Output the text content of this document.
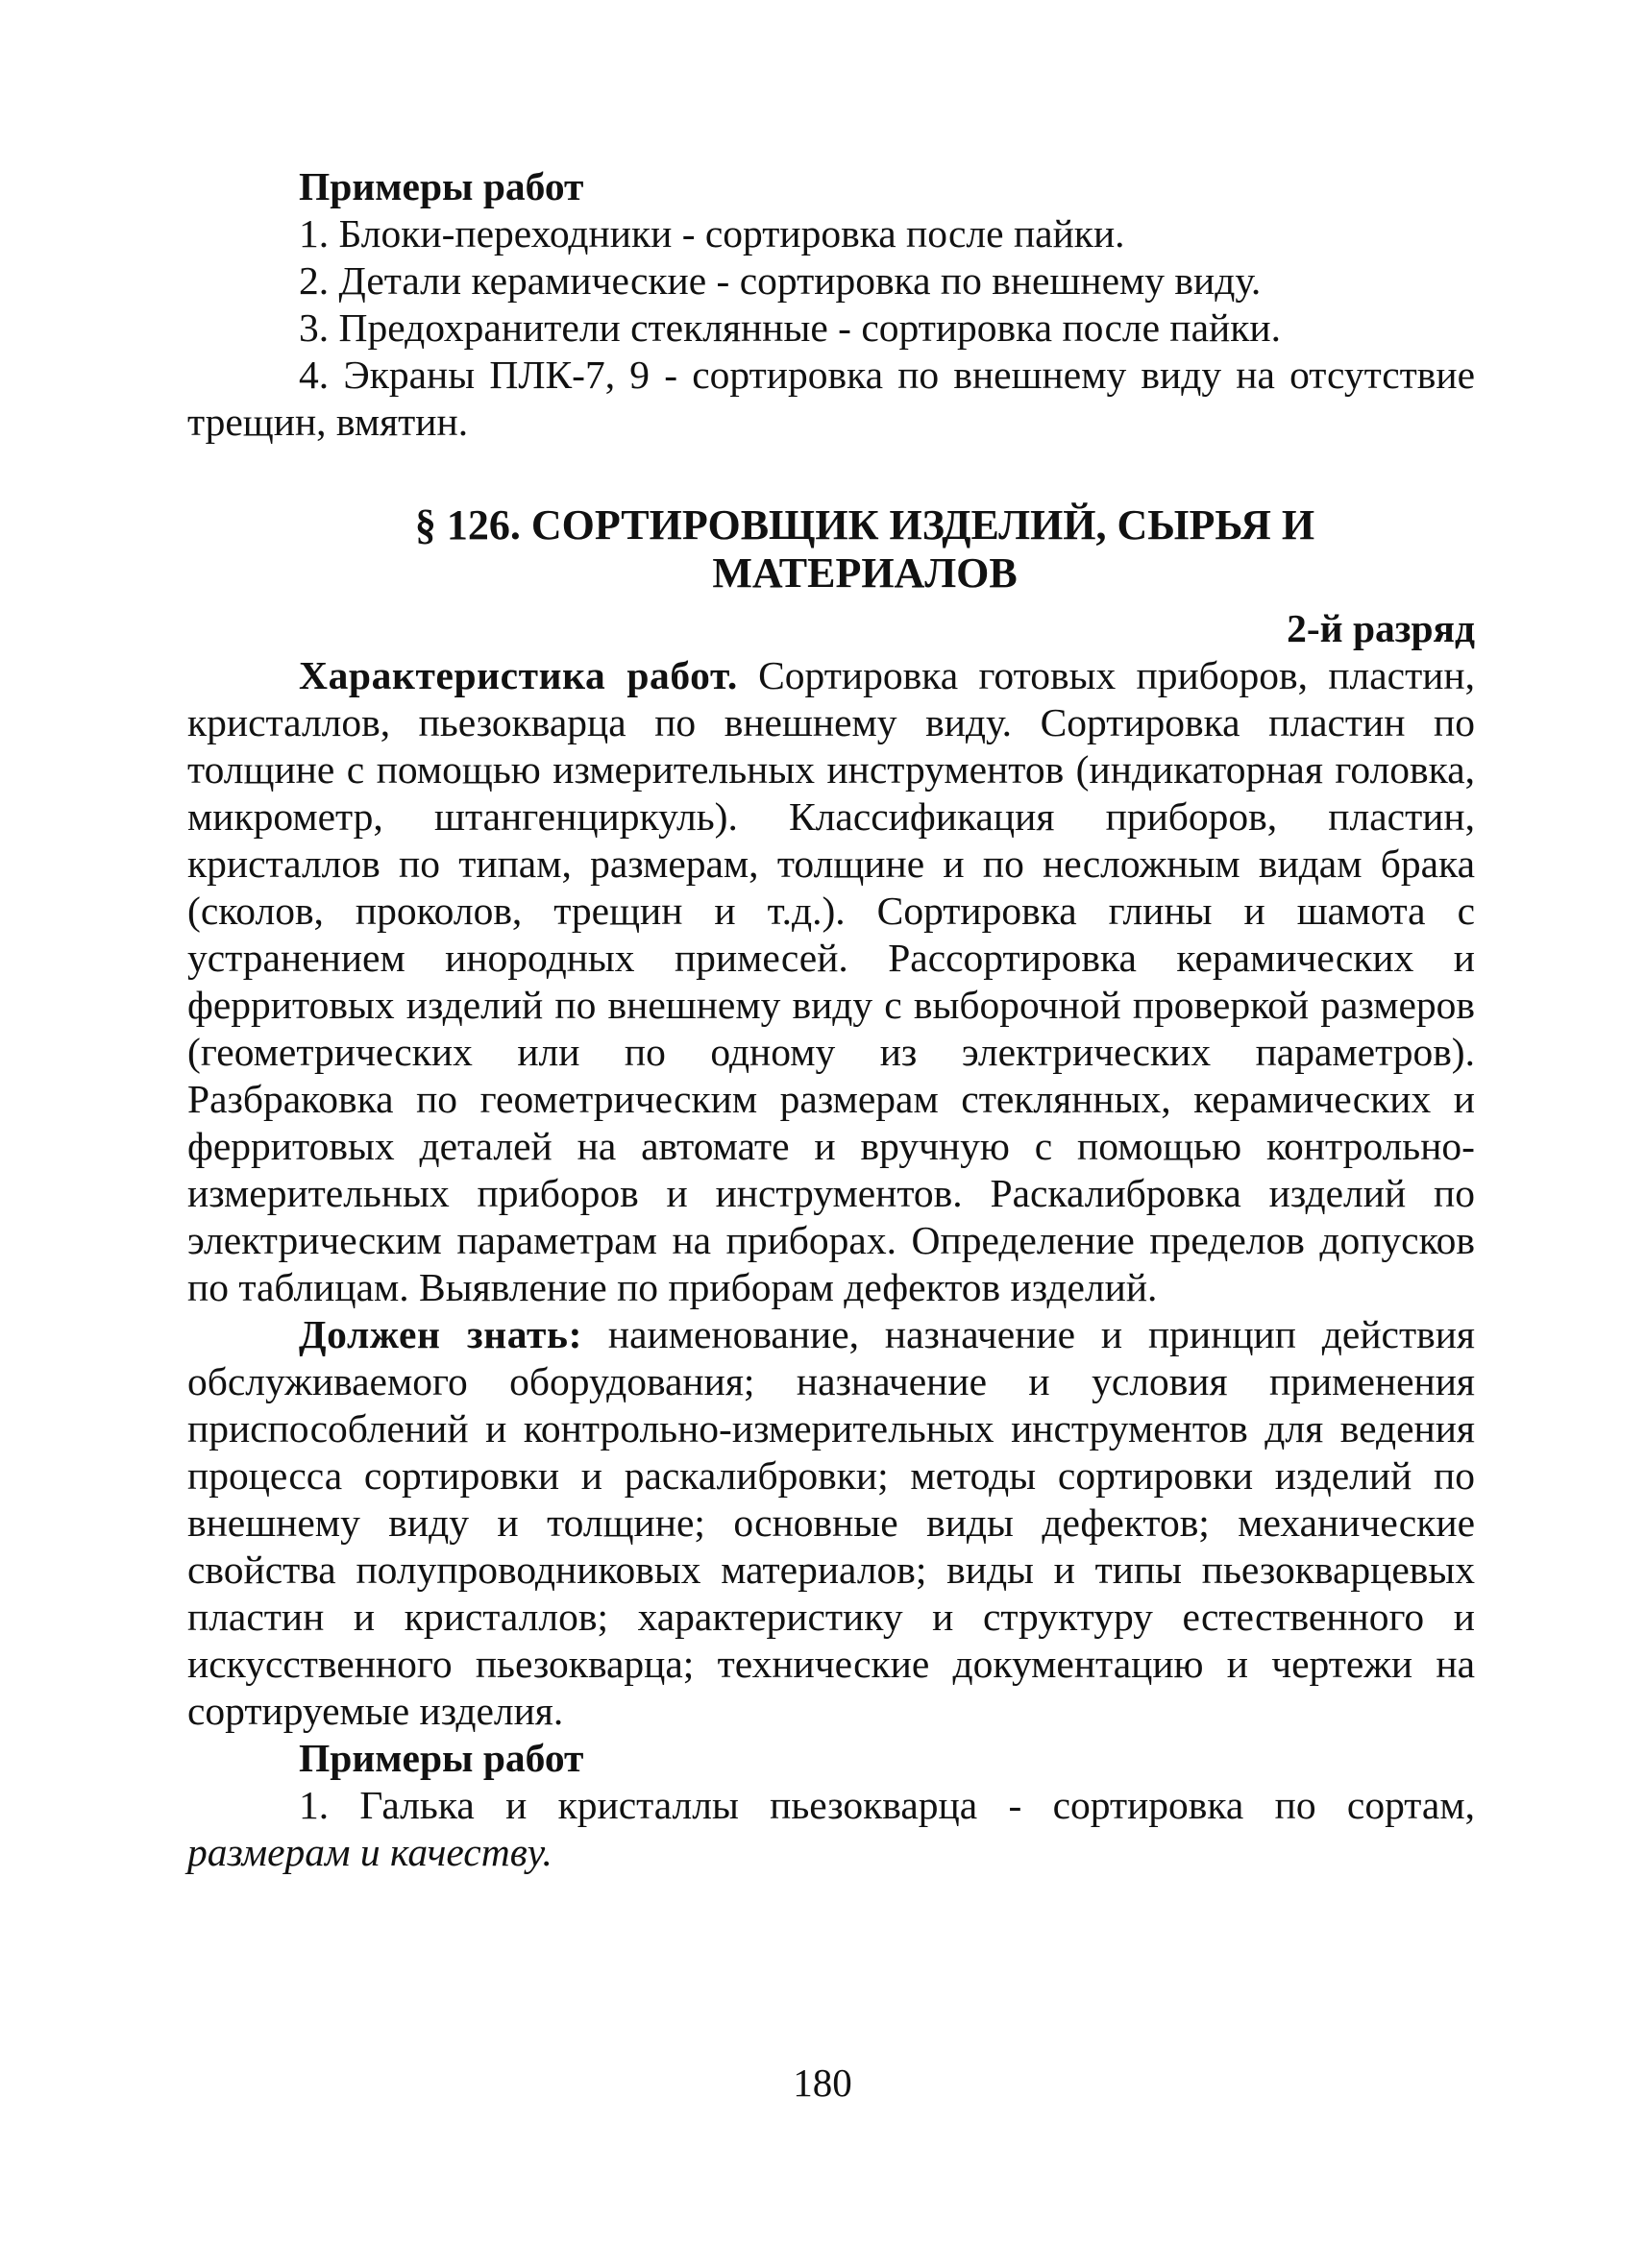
Примеры работ

1. Блоки-переходники - сортировка после пайки.

2. Детали керамические - сортировка по внешнему виду.

3. Предохранители стеклянные - сортировка после пайки.

4. Экраны ПЛК-7, 9 - сортировка по внешнему виду на отсутствие трещин, вмятин.

§ 126. СОРТИРОВЩИК ИЗДЕЛИЙ, СЫРЬЯ И
МАТЕРИАЛОВ

2-й разряд

Характеристика работ. Сортировка готовых приборов, пластин, кристаллов, пьезокварца по внешнему виду. Сортировка пластин по толщине с помощью измерительных инструментов (индикаторная головка, микрометр, штангенциркуль). Классификация приборов, пластин, кристаллов по типам, размерам, толщине и по несложным видам брака (сколов, проколов, трещин и т.д.). Сортировка глины и шамота с устранением инородных примесей. Рассортировка керамических и ферритовых изделий по внешнему виду с выборочной проверкой размеров (геометрических или по одному из электрических параметров). Разбраковка по геометрическим размерам стеклянных, керамических и ферритовых деталей на автомате и вручную с помощью контрольно-измерительных приборов и инструментов. Раскалибровка изделий по электрическим параметрам на приборах. Определение пределов допусков по таблицам. Выявление по приборам дефектов изделий.

Должен знать: наименование, назначение и принцип действия обслуживаемого оборудования; назначение и условия применения приспособлений и контрольно-измерительных инструментов для ведения процесса сортировки и раскалибровки; методы сортировки изделий по внешнему виду и толщине; основные виды дефектов; механические свойства полупроводниковых материалов; виды и типы пьезокварцевых пластин и кристаллов; характеристику и структуру естественного и искусственного пьезокварца; технические документацию и чертежи на сортируемые изделия.

Примеры работ

1. Галька и кристаллы пьезокварца - сортировка по сортам, размерам и качеству.

180
